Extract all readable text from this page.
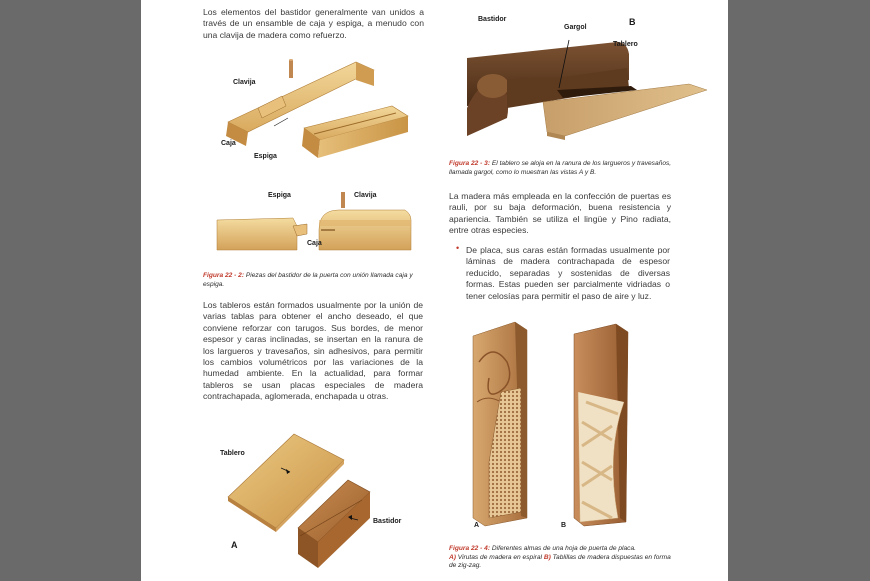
Los elementos del bastidor generalmente van unidos a través de un ensamble de caja y espiga, a menudo con una clavija de madera como refuerzo.

Clavija
Caja
Espiga
Espiga	Clavija
Caja

Figura 22 - 2: Piezas del bastidor de la puerta con unión llamada caja y espiga.

Los tableros están formados usualmente por la unión de varias tablas para obtener el ancho deseado, el que conviene reforzar con tarugos. Sus bordes, de menor espesor y caras inclinadas, se insertan en la ranura de los largueros y travesaños, sin adhesivos, para permitir los cambios volumétricos por las variaciones de la humedad ambiente. En la actualidad, para formar tableros se usan placas especiales de madera contrachapada, aglomerada, enchapada u otras.

Tablero
Bastidor
A
Bastidor
Gargol
B
Tablero

Figura 22 - 3: El tablero se aloja en la ranura de los largueros y travesaños, llamada gargol, como lo muestran las vistas A y B.

La madera más empleada en la confección de puertas es rauli, por su baja deformación, buena resistencia y apariencia. También se utiliza el lingüe y Pino radiata, entre otras especies.

• De placa, sus caras están formadas usualmente por láminas de madera contrachapada de espesor reducido, separadas y sostenidas de diversas formas. Estas pueden ser parcialmente vidriadas o tener celosías para permitir el paso de aire y luz.

A	B

Figura 22 - 4: Diferentes almas de una hoja de puerta de placa.
A) Virutas de madera en espiral B) Tablillas de madera dispuestas en forma de zig-zag.
